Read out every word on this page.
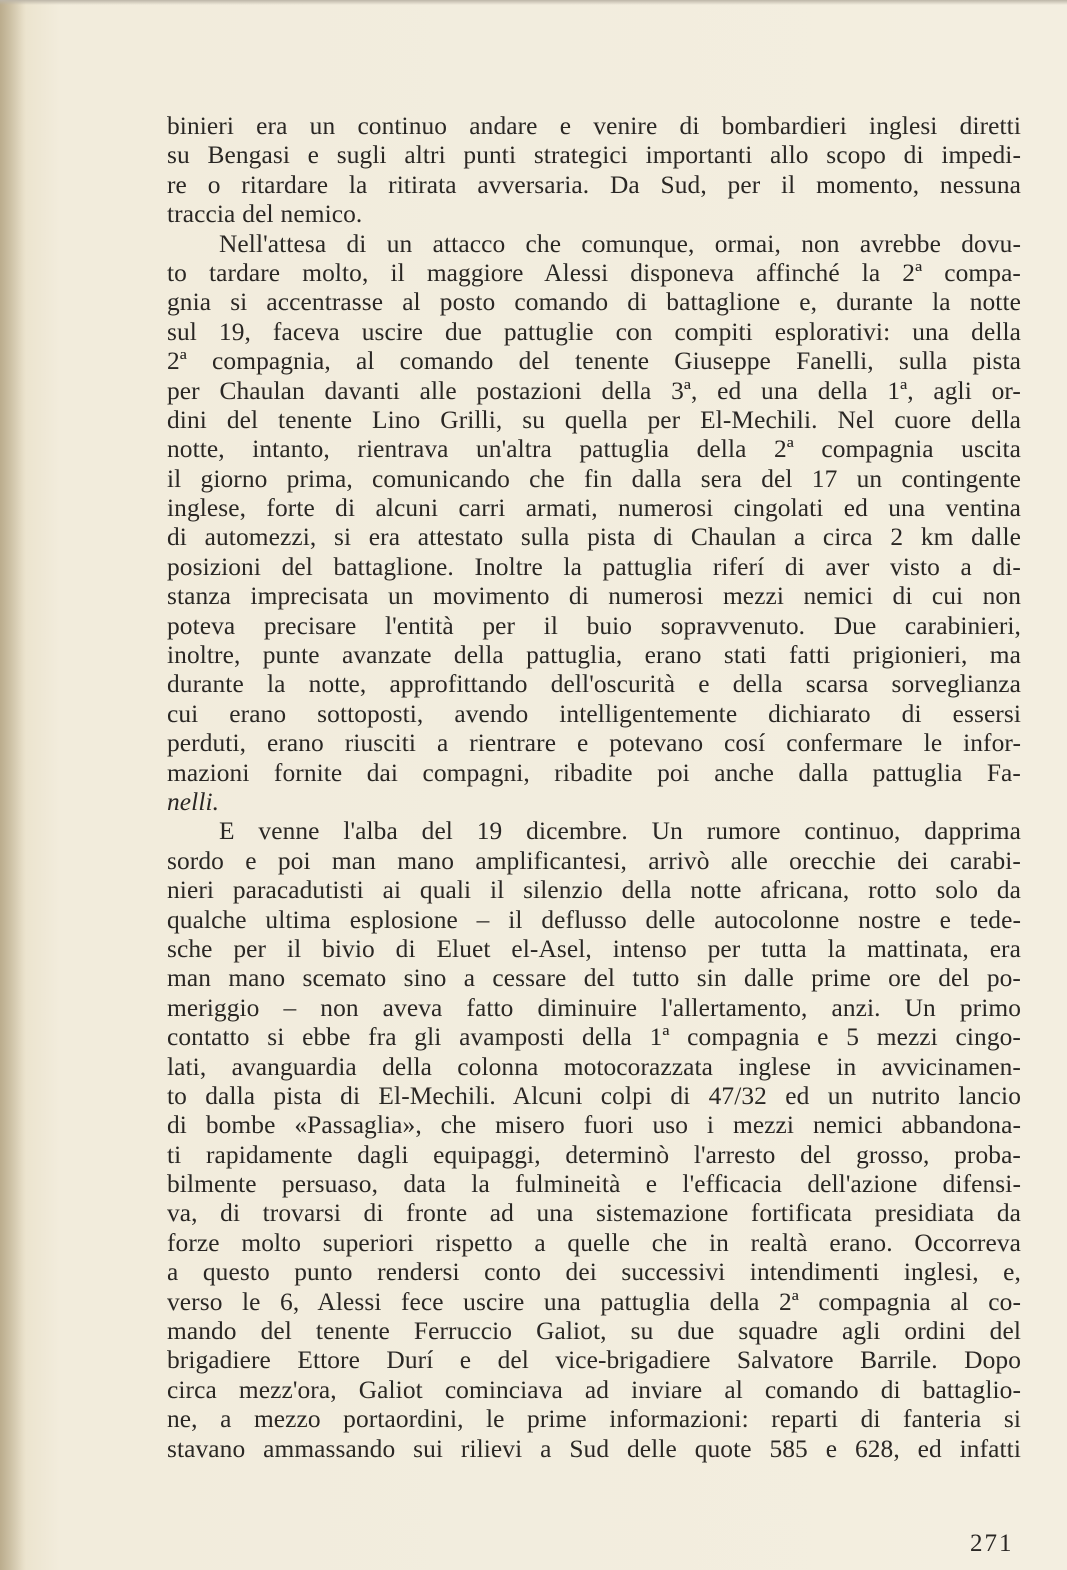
binieri era un continuo andare e venire di bombardieri inglesi diretti
su Bengasi e sugli altri punti strategici importanti allo scopo di impedi-
re o ritardare la ritirata avversaria. Da Sud, per il momento, nessuna
traccia del nemico.
Nell'attesa di un attacco che comunque, ormai, non avrebbe dovu-
to tardare molto, il maggiore Alessi disponeva affinché la 2ª compa-
gnia si accentrasse al posto comando di battaglione e, durante la notte
sul 19, faceva uscire due pattuglie con compiti esplorativi: una della
2ª compagnia, al comando del tenente Giuseppe Fanelli, sulla pista
per Chaulan davanti alle postazioni della 3ª, ed una della 1ª, agli or-
dini del tenente Lino Grilli, su quella per El-Mechili. Nel cuore della
notte, intanto, rientrava un'altra pattuglia della 2ª compagnia uscita
il giorno prima, comunicando che fin dalla sera del 17 un contingente
inglese, forte di alcuni carri armati, numerosi cingolati ed una ventina
di automezzi, si era attestato sulla pista di Chaulan a circa 2 km dalle
posizioni del battaglione. Inoltre la pattuglia riferí di aver visto a di-
stanza imprecisata un movimento di numerosi mezzi nemici di cui non
poteva precisare l'entità per il buio sopravvenuto. Due carabinieri,
inoltre, punte avanzate della pattuglia, erano stati fatti prigionieri, ma
durante la notte, approfittando dell'oscurità e della scarsa sorveglianza
cui erano sottoposti, avendo intelligentemente dichiarato di essersi
perduti, erano riusciti a rientrare e potevano cosí confermare le infor-
mazioni fornite dai compagni, ribadite poi anche dalla pattuglia Fa-
nelli.
E venne l'alba del 19 dicembre. Un rumore continuo, dapprima
sordo e poi man mano amplificantesi, arrivò alle orecchie dei carabi-
nieri paracadutisti ai quali il silenzio della notte africana, rotto solo da
qualche ultima esplosione – il deflusso delle autocolonne nostre e tede-
sche per il bivio di Eluet el-Asel, intenso per tutta la mattinata, era
man mano scemato sino a cessare del tutto sin dalle prime ore del po-
meriggio – non aveva fatto diminuire l'allertamento, anzi. Un primo
contatto si ebbe fra gli avamposti della 1ª compagnia e 5 mezzi cingo-
lati, avanguardia della colonna motocorazzata inglese in avvicinamen-
to dalla pista di El-Mechili. Alcuni colpi di 47/32 ed un nutrito lancio
di bombe «Passaglia», che misero fuori uso i mezzi nemici abbandona-
ti rapidamente dagli equipaggi, determinò l'arresto del grosso, proba-
bilmente persuaso, data la fulmineità e l'efficacia dell'azione difensi-
va, di trovarsi di fronte ad una sistemazione fortificata presidiata da
forze molto superiori rispetto a quelle che in realtà erano. Occorreva
a questo punto rendersi conto dei successivi intendimenti inglesi, e,
verso le 6, Alessi fece uscire una pattuglia della 2ª compagnia al co-
mando del tenente Ferruccio Galiot, su due squadre agli ordini del
brigadiere Ettore Durí e del vice-brigadiere Salvatore Barrile. Dopo
circa mezz'ora, Galiot cominciava ad inviare al comando di battaglio-
ne, a mezzo portaordini, le prime informazioni: reparti di fanteria si
stavano ammassando sui rilievi a Sud delle quote 585 e 628, ed infatti
271
